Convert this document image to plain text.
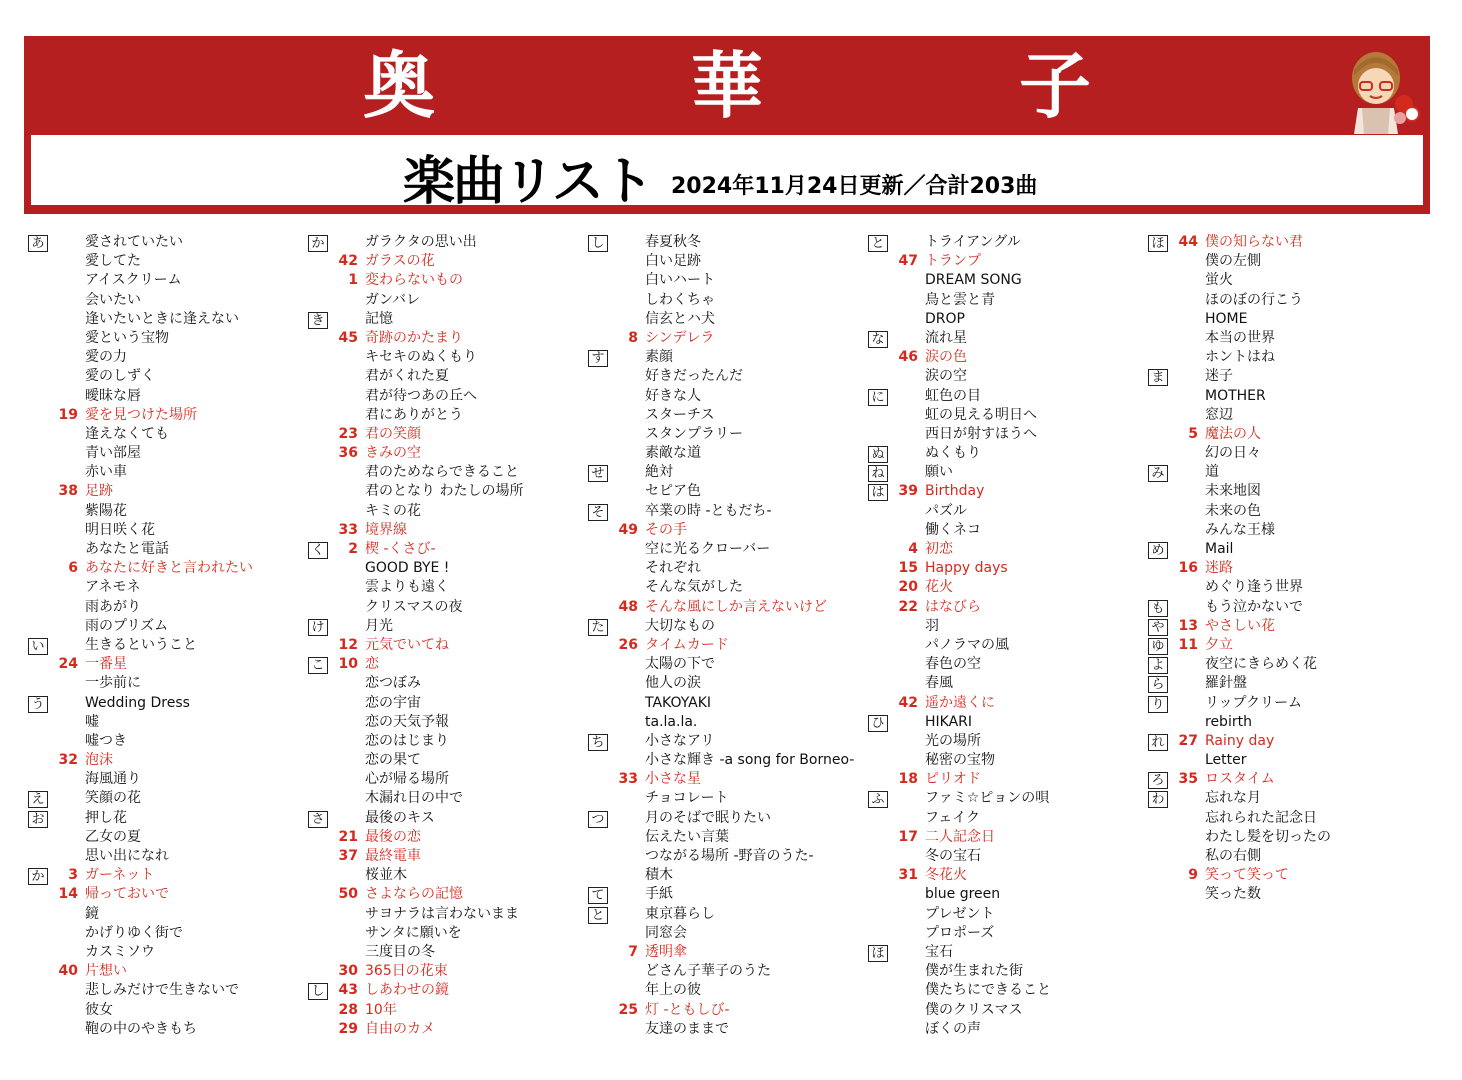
奥　華　子
楽曲リスト 2024年11月24日更新／合計203曲
あ	愛されていたい
愛してた
アイスクリーム
会いたい
逢いたいときに逢えない
愛という宝物
愛の力
愛のしずく
曖昧な唇
19 愛を見つけた場所
逢えなくても
青い部屋
赤い車
38 足跡
紫陽花
明日咲く花
あなたと電話
6 あなたに好きと言われたい
アネモネ
雨あがり
雨のプリズム
い	生きるということ
24 一番星
一歩前に
う	Wedding Dress
嘘
嘘つき
32 泡沫
海風通り
え	笑顔の花
お	押し花
乙女の夏
思い出になれ
か	3 ガーネット
14 帰っておいで
鏡
かげりゆく街で
カスミソウ
40 片想い
悲しみだけで生きないで
彼女
鞄の中のやきもち
か	ガラクタの思い出
42 ガラスの花
1 変わらないもの
ガンバレ
き	記憶
45 奇跡のかたまり
キセキのぬくもり
君がくれた夏
君が待つあの丘へ
君にありがとう
23 君の笑顔
36 きみの空
君のためならできること
君のとなり わたしの場所
キミの花
33 境界線
く	2 楔 -くさび-
GOOD BYE !
雲よりも遠く
クリスマスの夜
け	月光
12 元気でいてね
こ	10 恋
恋つぼみ
恋の宇宙
恋の天気予報
恋のはじまり
恋の果て
心が帰る場所
木漏れ日の中で
さ	最後のキス
21 最後の恋
37 最終電車
桜並木
50 さよならの記憶
サヨナラは言わないまま
サンタに願いを
三度目の冬
30 365日の花束
し	43 しあわせの鏡
28 10年
29 自由のカメ
し	春夏秋冬
白い足跡
白いハート
しわくちゃ
信玄とハ犬
8 シンデレラ
す	素顔
好きだったんだ
好きな人
スターチス
スタンプラリー
素敵な道
せ	絶対
セピア色
そ	卒業の時 -ともだち-
49 その手
空に光るクローバー
それぞれ
そんな気がした
48 そんな風にしか言えないけど
た	大切なもの
26 タイムカード
太陽の下で
他人の涙
TAKOYAKI
ta.la.la.
ち	小さなアリ
小さな輝き -a song for Borneo-
33 小さな星
チョコレート
つ	月のそばで眠りたい
伝えたい言葉
つながる場所 -野音のうた-
積木
て	手紙
と	東京暮らし
同窓会
7 透明傘
どさん子華子のうた
年上の彼
25 灯 -ともしび-
友達のままで
と	トライアングル
47 トランプ
DREAM SONG
鳥と雲と青
DROP
な	流れ星
46 涙の色
涙の空
に	虹色の目
虹の見える明日へ
西日が射すほうへ
ぬ	ぬくもり
ね	願い
は	39 Birthday
パズル
働くネコ
4 初恋
15 Happy days
20 花火
22 はなびら
羽
パノラマの風
春色の空
春風
42 遥か遠くに
ひ	HIKARI
光の場所
秘密の宝物
18 ピリオド
ふ	ファミ☆ピョンの唄
フェイク
17 二人記念日
冬の宝石
31 冬花火
blue green
プレゼント
プロポーズ
ほ	宝石
僕が生まれた街
僕たちにできること
僕のクリスマス
ぼくの声
ほ	44 僕の知らない君
僕の左側
蛍火
ほのぼの行こう
HOME
本当の世界
ホントはね
ま	迷子
MOTHER
窓辺
5 魔法の人
幻の日々
み	道
未来地図
未来の色
みんな王様
め	Mail
16 迷路
めぐり逢う世界
も	もう泣かないで
や	13 やさしい花
ゆ	11 夕立
よ	夜空にきらめく花
ら	羅針盤
り	リップクリーム
rebirth
れ	27 Rainy day
Letter
ろ	35 ロスタイム
わ	忘れな月
忘れられた記念日
わたし髪を切ったの
私の右側
9 笑って笑って
笑った数
